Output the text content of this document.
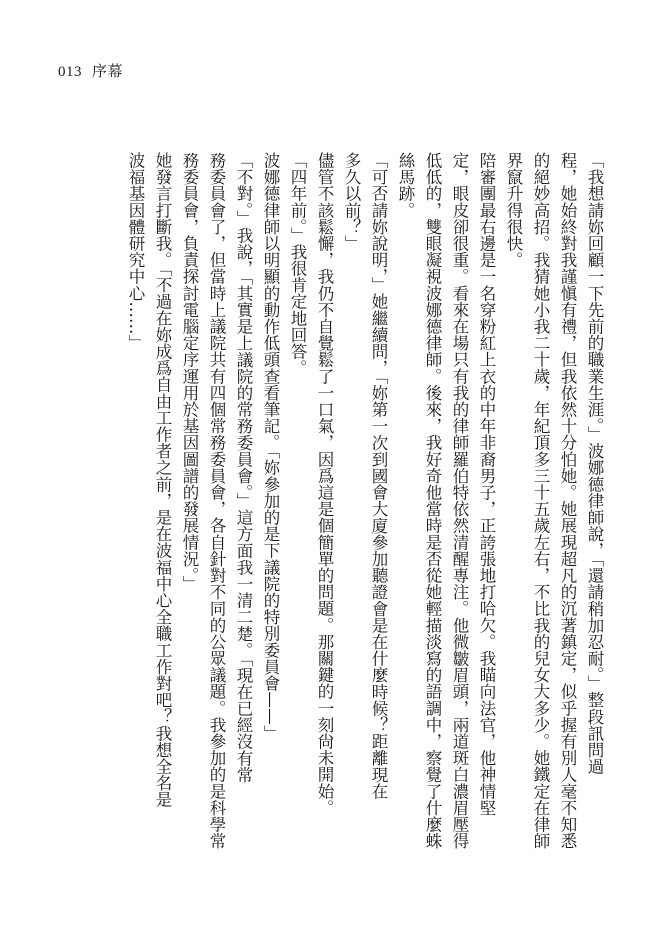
013 序幕
「我想請妳回顧一下先前的職業生涯。」波娜德律師說，「還請稍加忍耐。」整段訊問過
程，她始終對我謹愼有禮，但我依然十分怕她。她展現超凡的沉著鎮定，似乎握有別人毫不知悉
的絕妙高招。我猜她小我二十歲，年紀頂多三十五歲左右，不比我的兒女大多少。她鐵定在律師
界竄升得很快。
陪審團最右邊是一名穿粉紅上衣的中年非裔男子，正誇張地打哈欠。我瞄向法官，他神情堅
定，眼皮卻很重。看來在場只有我的律師羅伯特依然清醒專注。他微皺眉頭，兩道斑白濃眉壓得
低低的，雙眼凝視波娜德律師。後來，我好奇他當時是否從她輕描淡寫的語調中，察覺了什麼蛛
絲馬跡。
「可否請妳說明，」她繼續問，「妳第一次到國會大廈參加聽證會是在什麼時候？距離現在
多久以前？」
儘管不該鬆懈，我仍不自覺鬆了一口氣，因爲這是個簡單的問題。那關鍵的一刻尙未開始。
「四年前。」我很肯定地回答。
波娜德律師以明顯的動作低頭查看筆記。「妳參加的是下議院的特別委員會——」
「不對。」我說，「其實是上議院的常務委員會。」這方面我一清二楚。「現在已經沒有常
務委員會了，但當時上議院共有四個常務委員會，各自針對不同的公眾議題。我參加的是科學常
務委員會，負責探討電腦定序運用於基因圖譜的發展情況。」
她發言打斷我。「不過在妳成爲自由工作者之前，是在波福中心全職工作對吧？我想全名是
波福基因體研究中心……」
